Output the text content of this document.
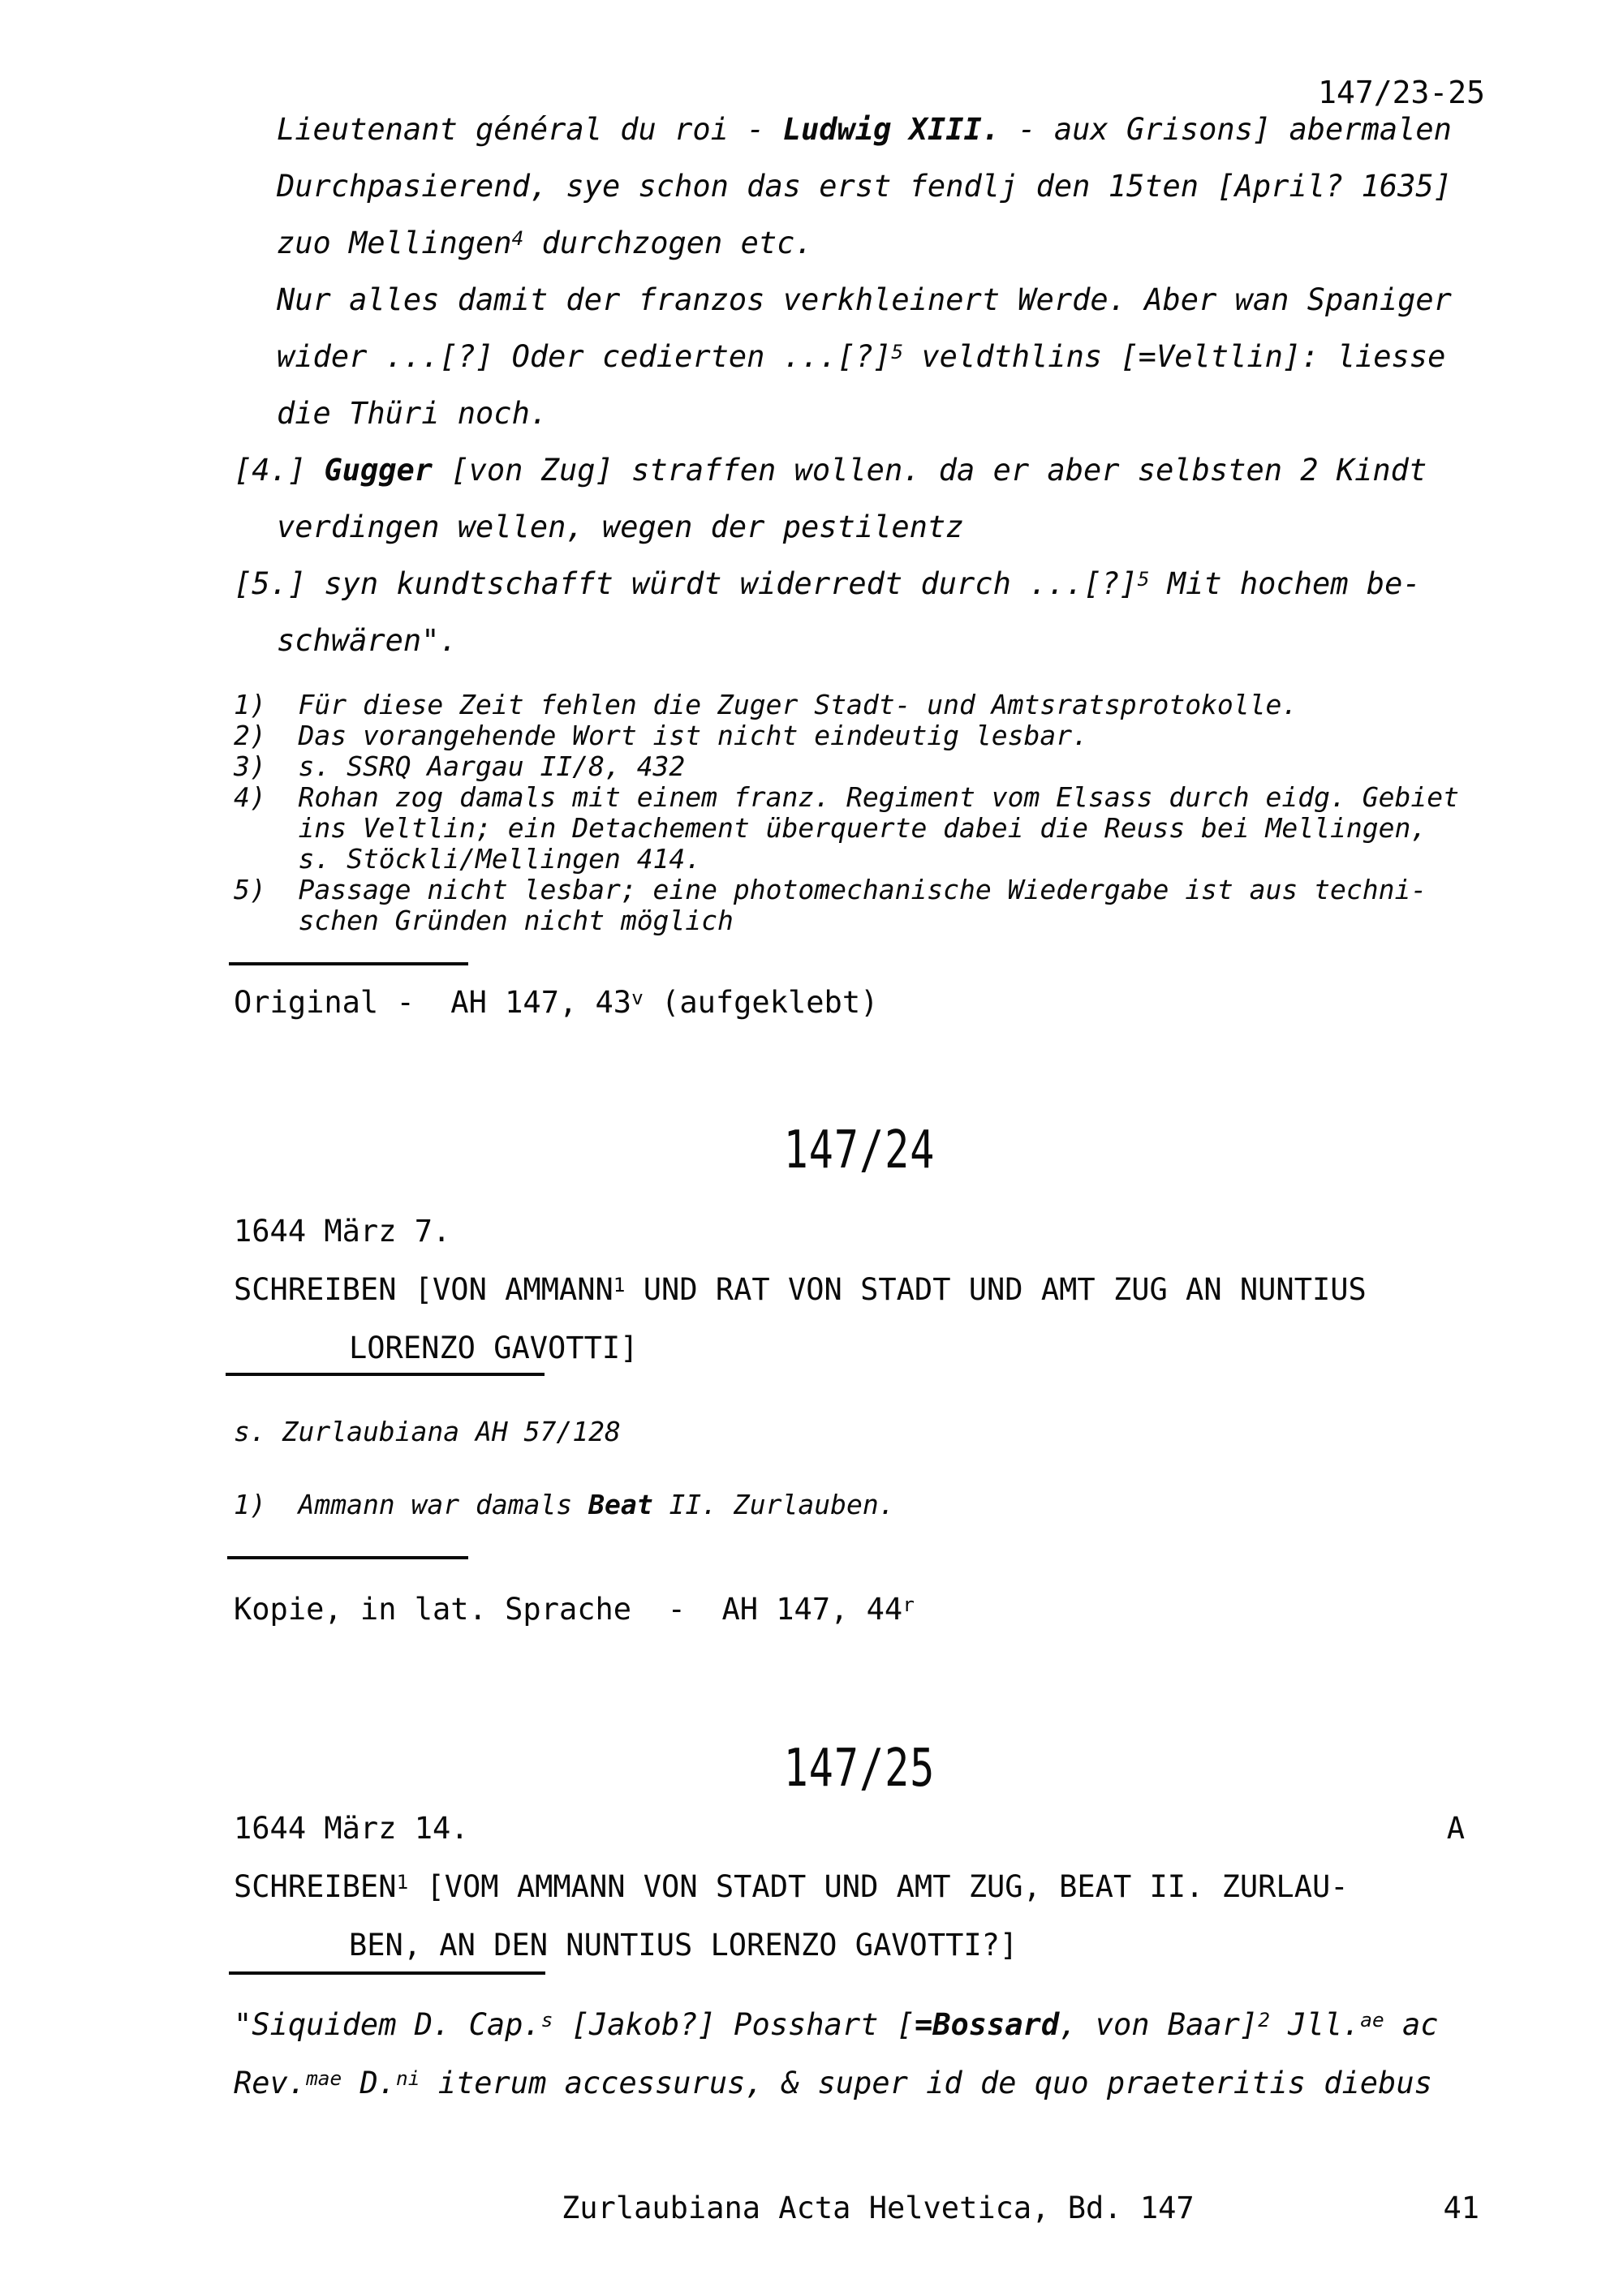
147/23-25
Lieutenant général du roi - Ludwig XIII. - aux Grisons] abermalen
Durchpasierend, sye schon das erst fendlj den 15ten [April? 1635]
zuo Mellingen$^4$ durchzogen etc.
Nur alles damit der franzos verkhleinert Werde. Aber wan Spaniger
wider ...[?] Oder cedierten ...[?]$^5$ veldthlins [=Veltlin]: liesse
die Thüri noch.
[4.] Gugger [von Zug] straffen wollen. da er aber selbsten 2 Kindt
verdingen wellen, wegen der pestilentz
[5.] syn kundtschafft würdt widerredt durch ...[?]$^5$ Mit hochem be-
schwären".
1)  Für diese Zeit fehlen die Zuger Stadt- und Amtsratsprotokolle.
2)  Das vorangehende Wort ist nicht eindeutig lesbar.
3)  s. SSRQ Aargau II/8, 432
4)  Rohan zog damals mit einem franz. Regiment vom Elsass durch eidg. Gebiet
ins Veltlin; ein Detachement überquerte dabei die Reuss bei Mellingen,
s. Stöckli/Mellingen 414.
5)  Passage nicht lesbar; eine photomechanische Wiedergabe ist aus techni-
schen Gründen nicht möglich
Original -  AH 147, 43$^v$ (aufgeklebt)
147/24
1644 März 7.
SCHREIBEN [VON AMMANN$^1$ UND RAT VON STADT UND AMT ZUG AN NUNTIUS
LORENZO GAVOTTI]
s. Zurlaubiana AH 57/128
1)  Ammann war damals Beat II. Zurlauben.
Kopie, in lat. Sprache  -  AH 147, 44$^r$
147/25
1644 März 14.	A
SCHREIBEN$^1$ [VOM AMMANN VON STADT UND AMT ZUG, BEAT II. ZURLAU-
BEN, AN DEN NUNTIUS LORENZO GAVOTTI?]
"Siquidem D. Cap.$^s$ [Jakob?] Posshart [=Bossard, von Baar]$^2$ Jll.$^{ae}$ ac
Rev.$^{mae}$ D.$^{ni}$ iterum accessurus, & super id de quo praeteritis diebus
Zurlaubiana Acta Helvetica, Bd. 147	41
